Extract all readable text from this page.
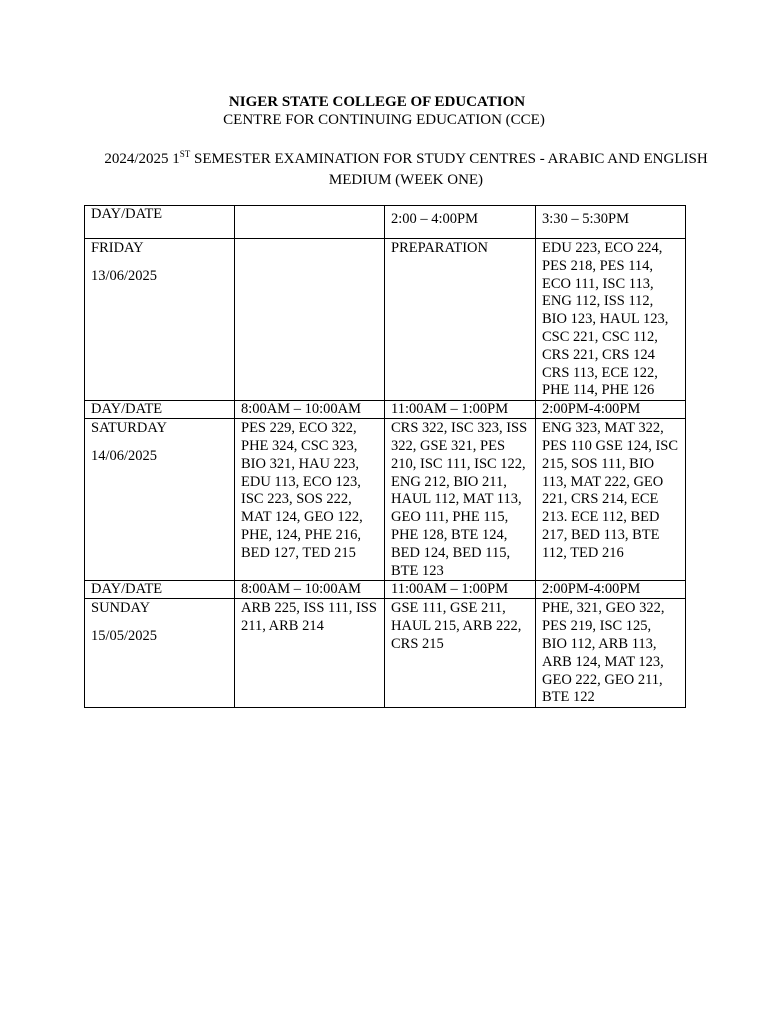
NIGER STATE COLLEGE OF EDUCATION
CENTRE FOR CONTINUING EDUCATION (CCE)
2024/2025 1ST SEMESTER EXAMINATION FOR STUDY CENTRES - ARABIC AND ENGLISH MEDIUM (WEEK ONE)
DAY/DATE		2:00 – 4:00PM	3:30 – 5:30PM

FRIDAY
13/06/2025		PREPARATION	EDU 223, ECO 224, PES 218, PES 114, ECO 111, ISC 113, ENG 112, ISS 112, BIO 123, HAUL 123, CSC 221, CSC 112, CRS 221, CRS 124 CRS 113, ECE 122, PHE 114, PHE 126
DAY/DATE	8:00AM – 10:00AM	11:00AM – 1:00PM	2:00PM-4:00PM

SATURDAY
14/06/2025	PES 229, ECO 322, PHE 324, CSC 323, BIO 321, HAU 223, EDU 113, ECO 123, ISC 223, SOS 222, MAT 124, GEO 122, PHE, 124, PHE 216, BED 127, TED 215	CRS 322, ISC 323, ISS 322, GSE 321, PES 210, ISC 111, ISC 122, ENG 212, BIO 211, HAUL 112, MAT 113, GEO 111, PHE 115, PHE 128, BTE 124, BED 124, BED 115, BTE 123	ENG 323, MAT 322, PES 110 GSE 124, ISC 215, SOS 111, BIO 113, MAT 222, GEO 221, CRS 214, ECE 213. ECE 112, BED 217, BED 113, BTE 112, TED 216
DAY/DATE	8:00AM – 10:00AM	11:00AM – 1:00PM	2:00PM-4:00PM

SUNDAY
15/05/2025	ARB 225, ISS 111, ISS 211, ARB 214	GSE 111, GSE 211, HAUL 215, ARB 222, CRS 215	PHE, 321, GEO 322, PES 219, ISC 125, BIO 112, ARB 113, ARB 124, MAT 123, GEO 222, GEO 211, BTE 122
